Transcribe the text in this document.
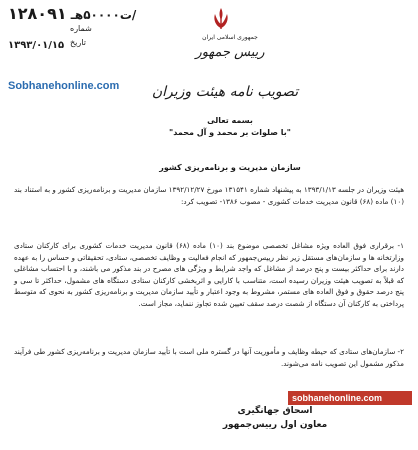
۱۲۸۰۹۱ /ت۵۰۰۰۰هـ
شماره
تاریخ
۱۳۹۳/۰۱/۱۵
جمهوری اسلامی ایران
رییس جمهور
تصویب نامه هیئت وزیران
Sobhanehonline.com
بسمه تعالی
"با صلوات بر محمد و آل محمد"
سازمان مدیریت و برنامه‌ریزی کشور
هیئت وزیران در جلسه ۱۳۹۳/۱/۱۳ به پیشنهاد شماره ۱۳۱۵۴۱ مورخ ۱۳۹۲/۱۲/۲۷ سازمان مدیریت و برنامه‌ریزی کشور و به استناد بند (۱۰) ماده (۶۸) قانون مدیریت خدمات کشوری - مصوب ۱۳۸۶- تصویب کرد:
۱- برقراری فوق العاده ویژه مشاغل تخصصی موضوع بند (۱۰) ماده (۶۸) قانون مدیریت خدمات کشوری برای کارکنان ستادی وزارتخانه ها و سازمان‌های مستقل زیر نظر رییس‌جمهور که انجام فعالیت و وظایف تخصصی، ستادی، تحقیقاتی و حساس را به عهده دارند برای حداکثر بیست و پنج درصد از مشاغل که واجد شرایط و ویژگی های مصرح در بند مذکور می باشند، و با احتساب مشاغلی که قبلاً به تصویب هیئت وزیران رسیده است، متناسب با کارایی و اثربخشی کارکنان ستادی دستگاه های مشمول، حداکثر تا سی و پنج درصد حقوق و فوق العاده های مستمر، مشروط به وجود اعتبار و تأیید سازمان مدیریت و برنامه‌ریزی کشور به نحوی که متوسط پرداختی به کارکنان آن دستگاه از شصت درصد سقف تعیین شده تجاوز ننماید، مجاز است.
۲- سازمان‌های ستادی که حیطه وظایف و مأموریت آنها در گستره ملی است با تأیید سازمان مدیریت و برنامه‌ریزی کشور طی فرآیند مذکور مشمول این تصویب نامه می‌شوند.
sobhanehonline.com
اسحاق جهانگیری
معاون اول رییس‌جمهور
